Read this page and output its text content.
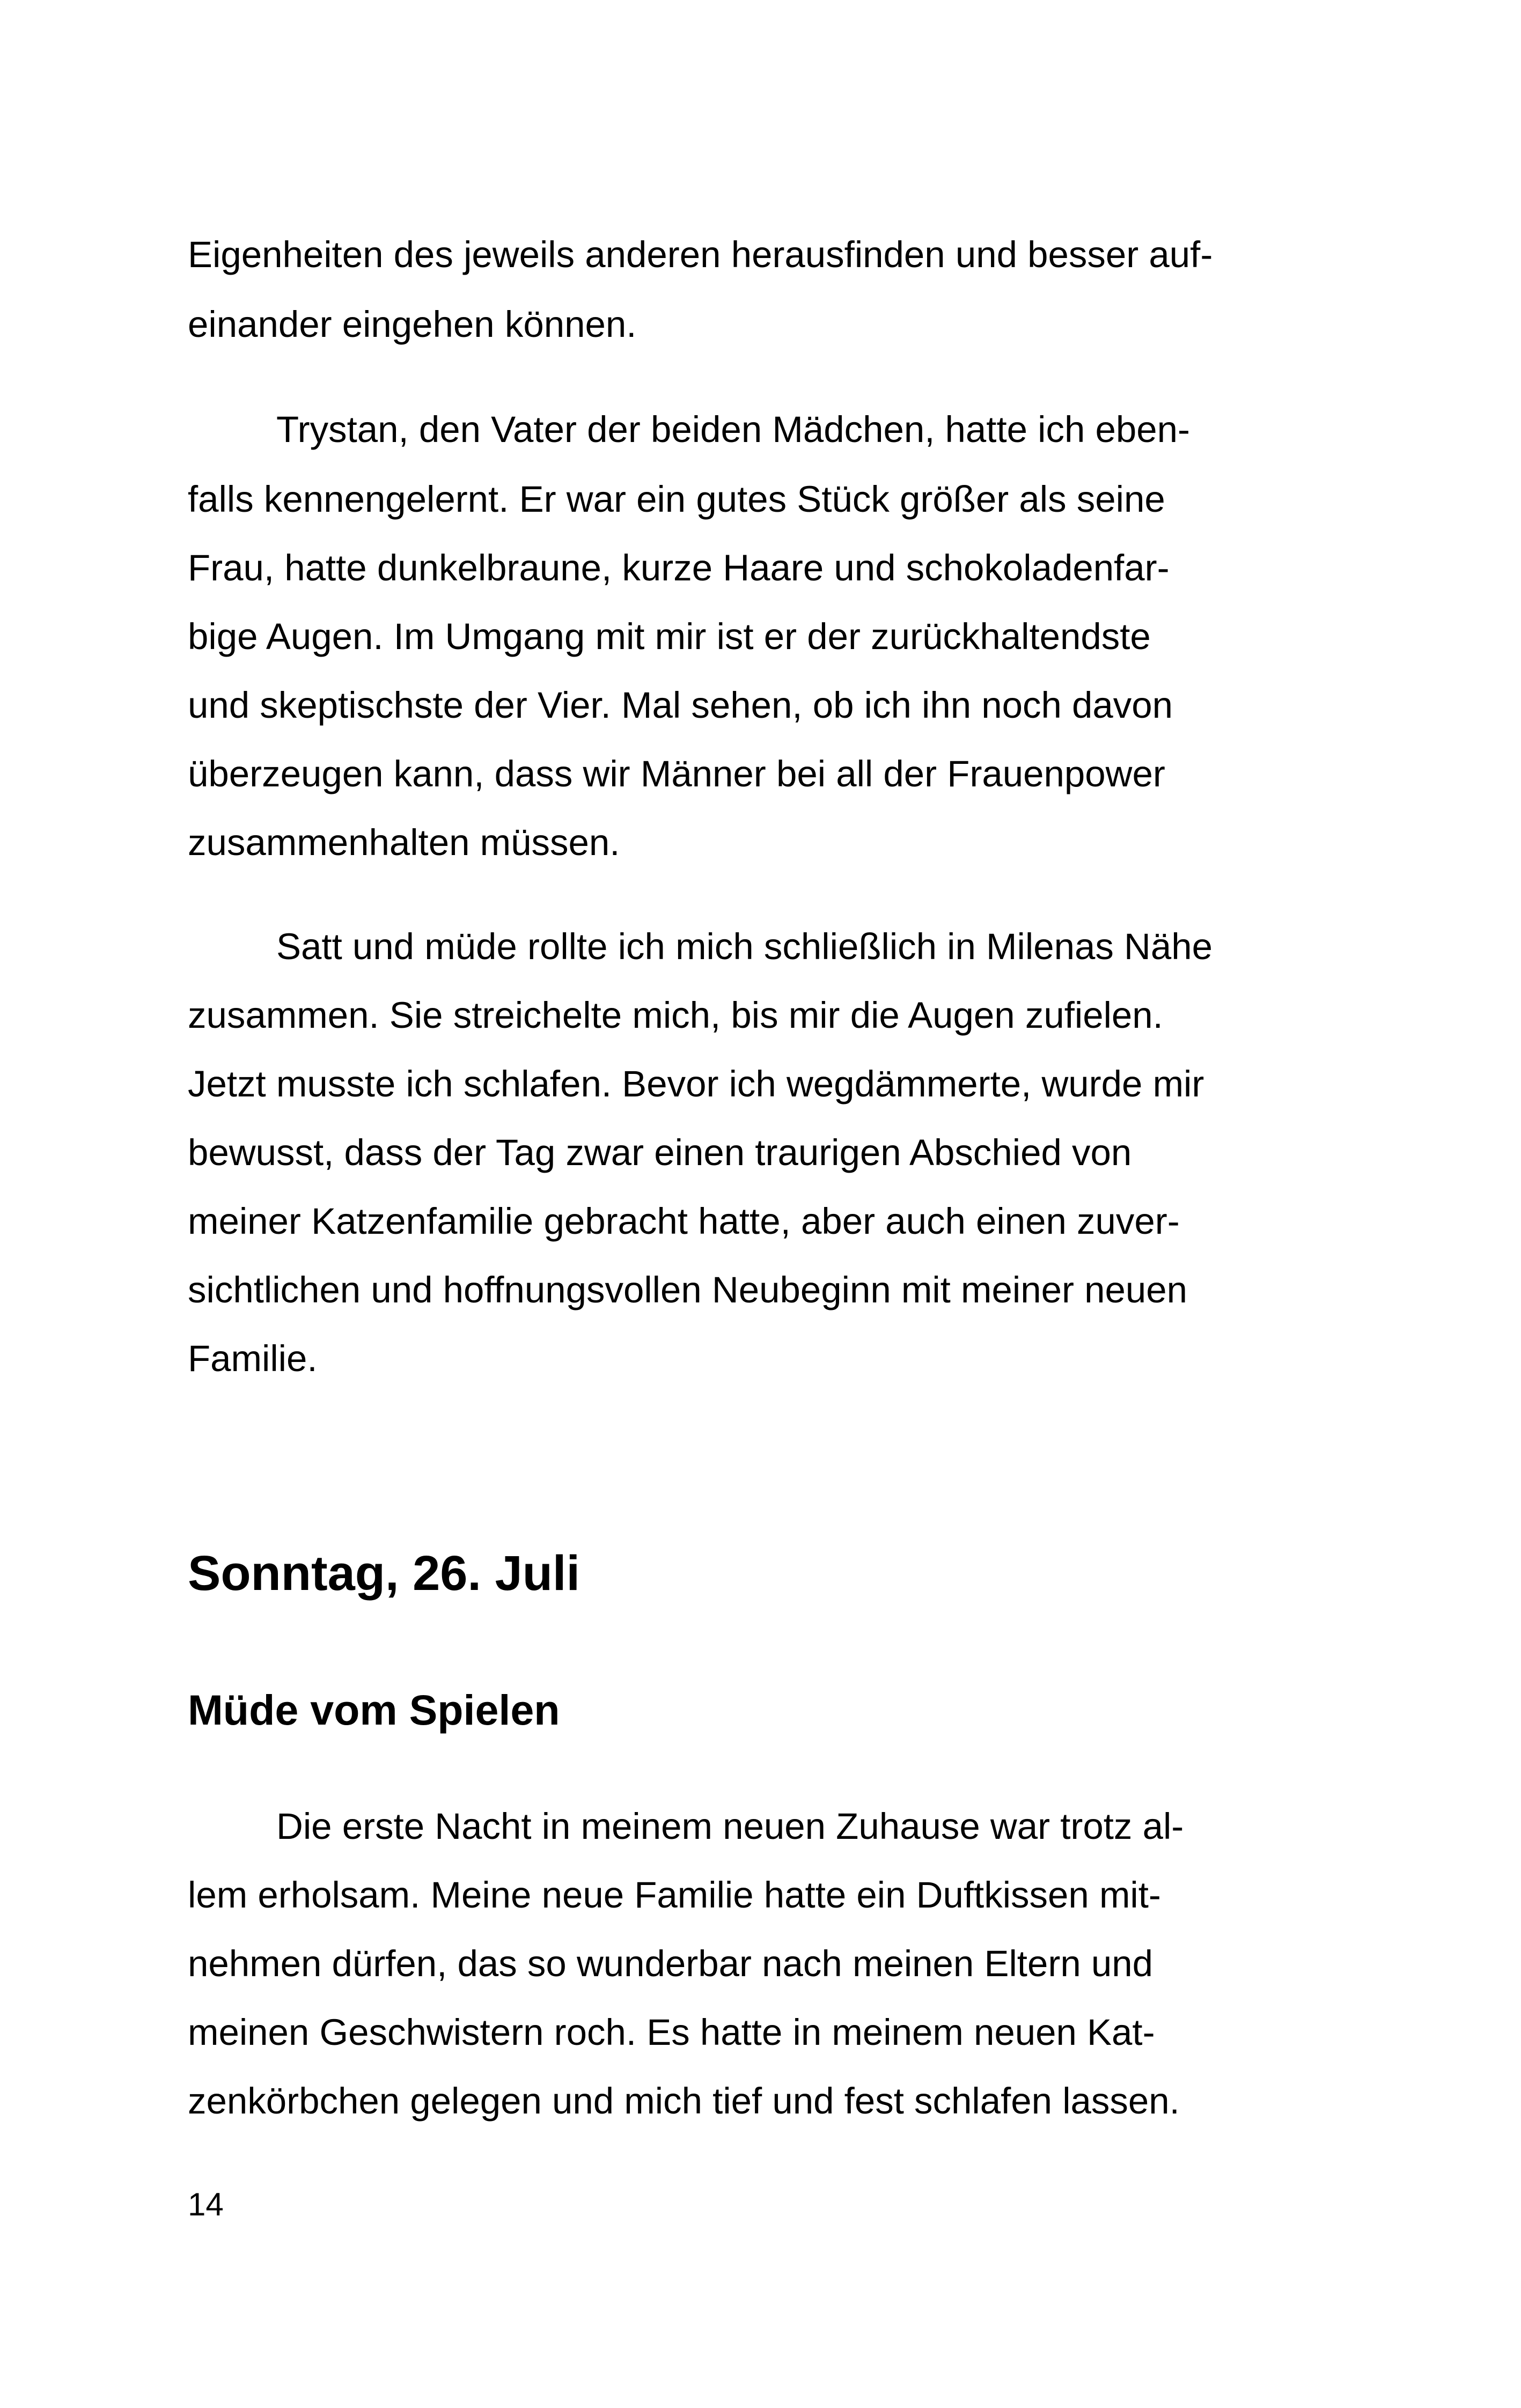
Eigenheiten des jeweils anderen herausfinden und besser auf-
einander eingehen können.
Trystan, den Vater der beiden Mädchen, hatte ich eben-
falls kennengelernt. Er war ein gutes Stück größer als seine
Frau, hatte dunkelbraune, kurze Haare und schokoladenfar-
bige Augen. Im Umgang mit mir ist er der zurückhaltendste
und skeptischste der Vier. Mal sehen, ob ich ihn noch davon
überzeugen kann, dass wir Männer bei all der Frauenpower
zusammenhalten müssen.
Satt und müde rollte ich mich schließlich in Milenas Nähe
zusammen. Sie streichelte mich, bis mir die Augen zufielen.
Jetzt musste ich schlafen. Bevor ich wegdämmerte, wurde mir
bewusst, dass der Tag zwar einen traurigen Abschied von
meiner Katzenfamilie gebracht hatte, aber auch einen zuver-
sichtlichen und hoffnungsvollen Neubeginn mit meiner neuen
Familie.
Sonntag, 26. Juli
Müde vom Spielen
Die erste Nacht in meinem neuen Zuhause war trotz al-
lem erholsam. Meine neue Familie hatte ein Duftkissen mit-
nehmen dürfen, das so wunderbar nach meinen Eltern und
meinen Geschwistern roch. Es hatte in meinem neuen Kat-
zenkörbchen gelegen und mich tief und fest schlafen lassen.
14
